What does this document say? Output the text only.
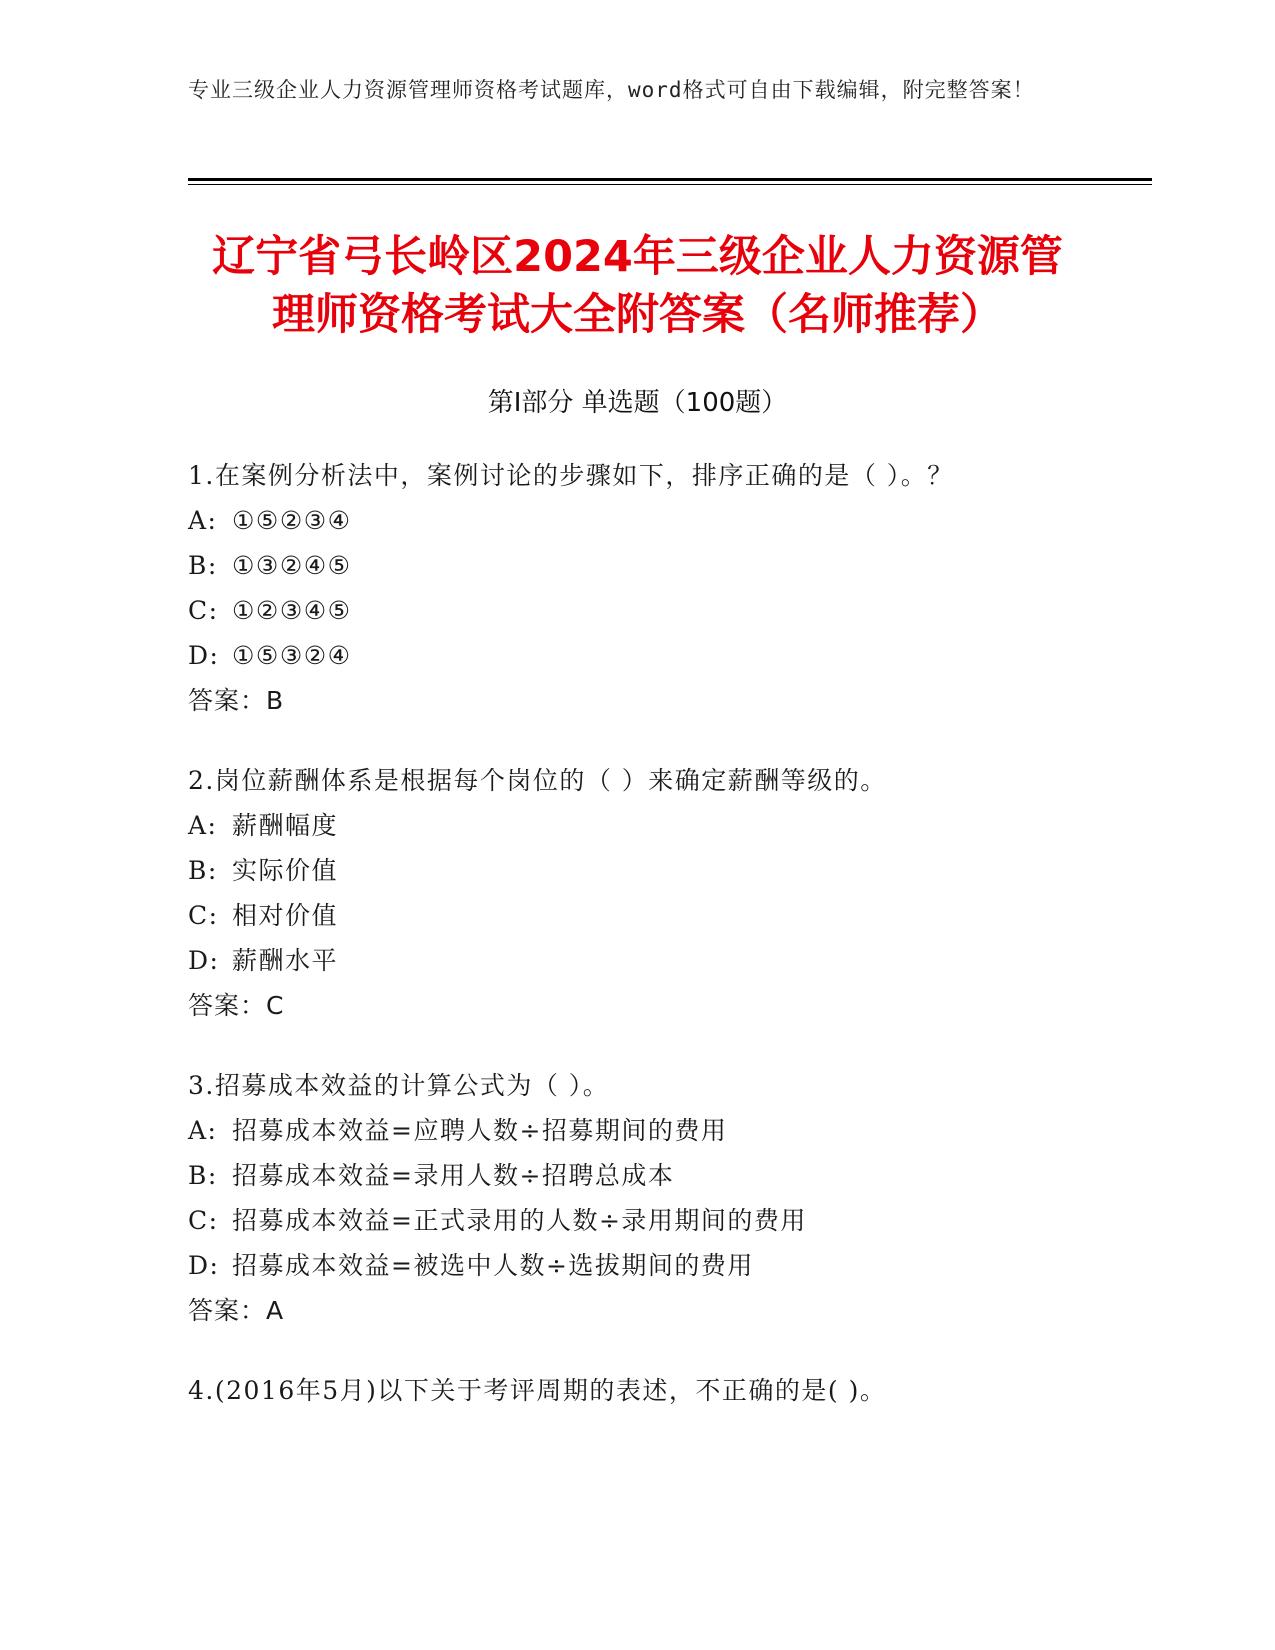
专业三级企业人力资源管理师资格考试题库，word格式可自由下载编辑，附完整答案！
辽宁省弓长岭区2024年三级企业人力资源管
理师资格考试大全附答案（名师推荐）
第Ⅰ部分 单选题（100题）
1.在案例分析法中，案例讨论的步骤如下，排序正确的是（ ）。？
A: ①⑤②③④
B: ①③②④⑤
C: ①②③④⑤
D: ①⑤③②④
答案：B
2.岗位薪酬体系是根据每个岗位的（ ）来确定薪酬等级的。
A: 薪酬幅度
B: 实际价值
C: 相对价值
D: 薪酬水平
答案：C
3.招募成本效益的计算公式为（ ）。
A: 招募成本效益=应聘人数÷招募期间的费用
B: 招募成本效益=录用人数÷招聘总成本
C: 招募成本效益=正式录用的人数÷录用期间的费用
D: 招募成本效益=被选中人数÷选拔期间的费用
答案：A
4.(2016年5月)以下关于考评周期的表述，不正确的是( )。
